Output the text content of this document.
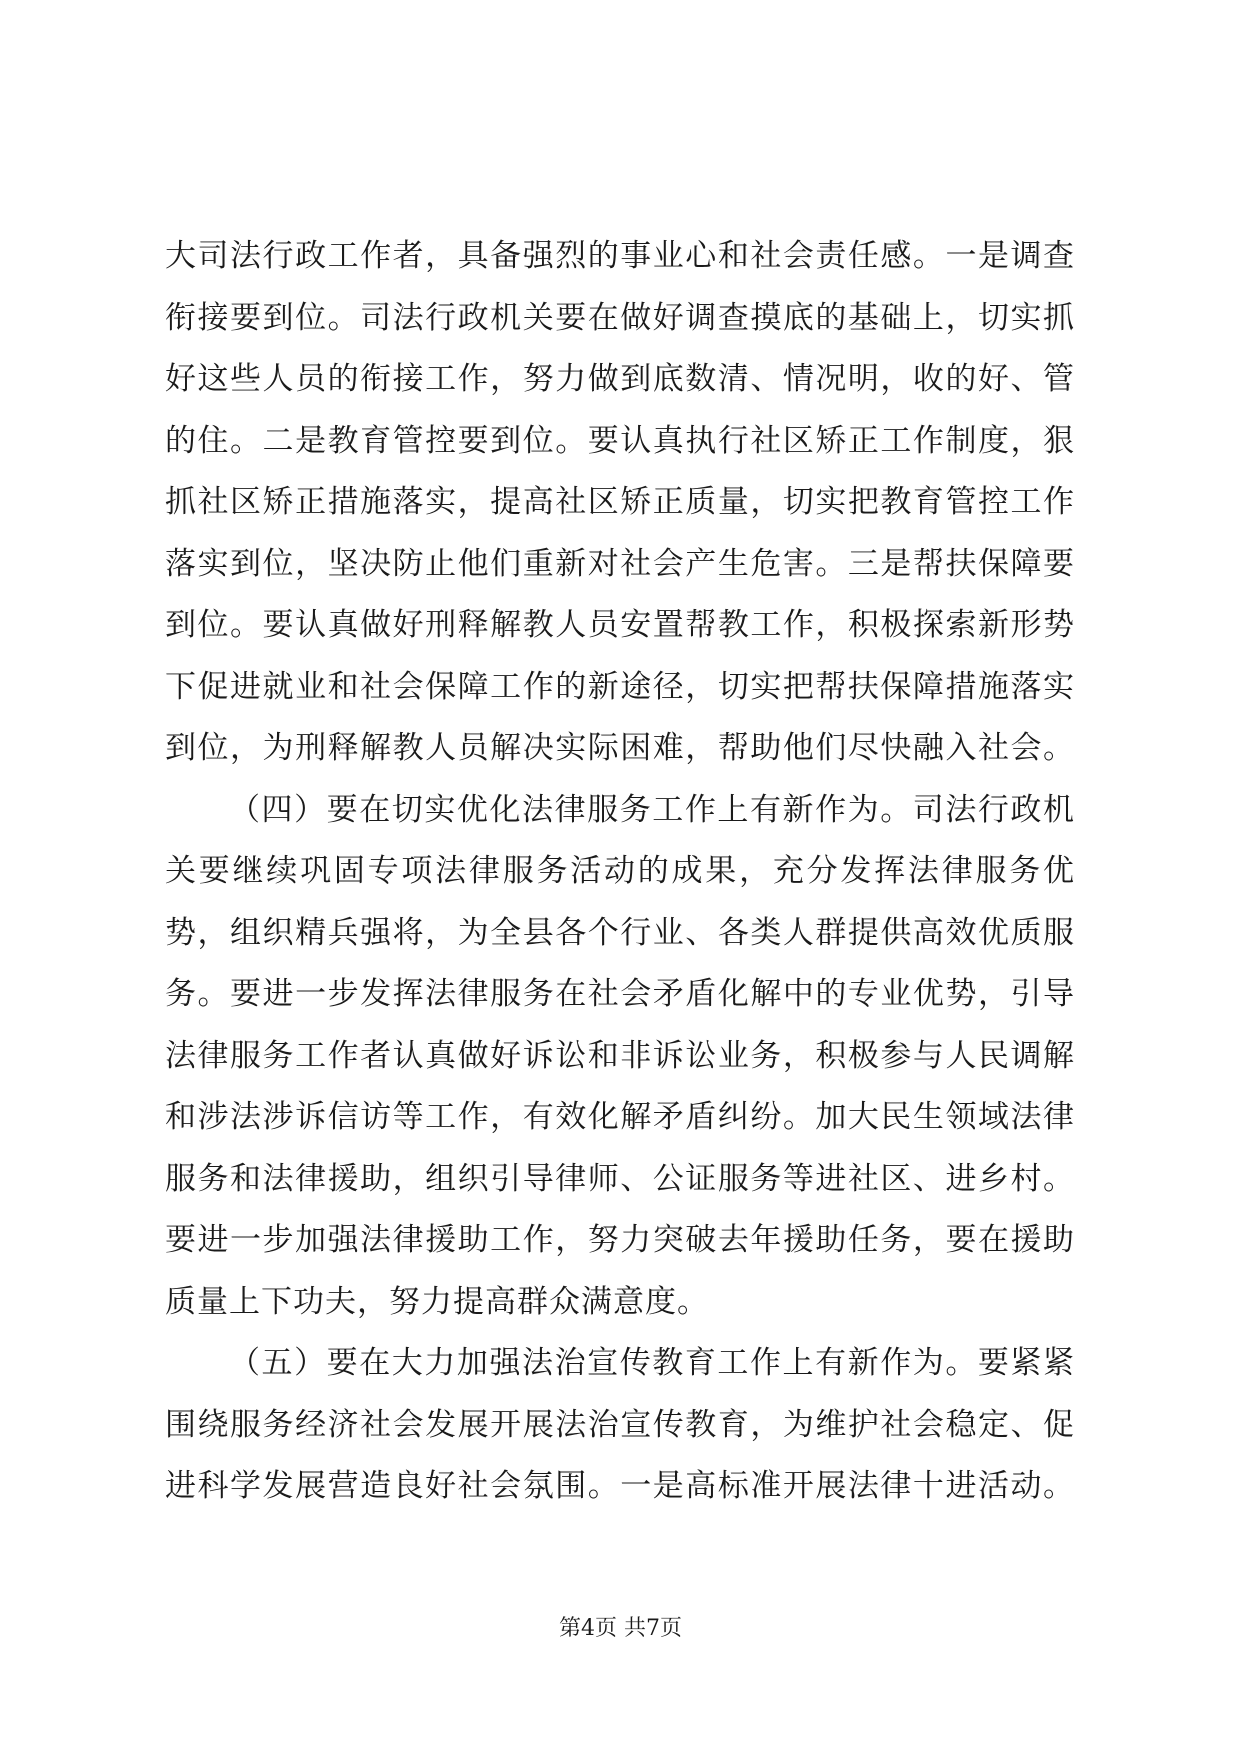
大司法行政工作者，具备强烈的事业心和社会责任感。一是调查衔接要到位。司法行政机关要在做好调查摸底的基础上，切实抓好这些人员的衔接工作，努力做到底数清、情况明，收的好、管的住。二是教育管控要到位。要认真执行社区矫正工作制度，狠抓社区矫正措施落实，提高社区矫正质量，切实把教育管控工作落实到位，坚决防止他们重新对社会产生危害。三是帮扶保障要到位。要认真做好刑释解教人员安置帮教工作，积极探索新形势下促进就业和社会保障工作的新途径，切实把帮扶保障措施落实到位，为刑释解教人员解决实际困难，帮助他们尽快融入社会。

（四）要在切实优化法律服务工作上有新作为。司法行政机关要继续巩固专项法律服务活动的成果，充分发挥法律服务优势，组织精兵强将，为全县各个行业、各类人群提供高效优质服务。要进一步发挥法律服务在社会矛盾化解中的专业优势，引导法律服务工作者认真做好诉讼和非诉讼业务，积极参与人民调解和涉法涉诉信访等工作，有效化解矛盾纠纷。加大民生领域法律服务和法律援助，组织引导律师、公证服务等进社区、进乡村。要进一步加强法律援助工作，努力突破去年援助任务，要在援助质量上下功夫，努力提高群众满意度。

（五）要在大力加强法治宣传教育工作上有新作为。要紧紧围绕服务经济社会发展开展法治宣传教育，为维护社会稳定、促进科学发展营造良好社会氛围。一是高标准开展法律十进活动。

第4页 共7页
